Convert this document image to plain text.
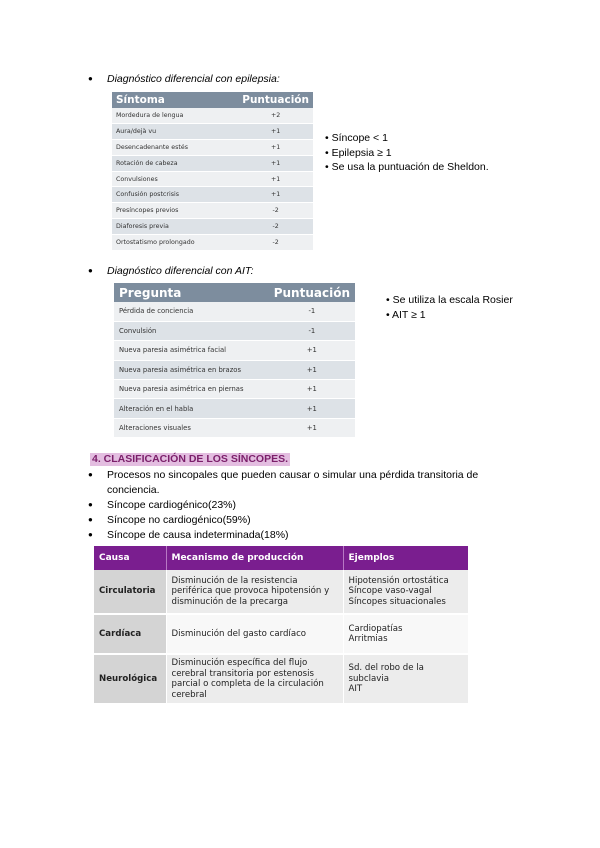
● Diagnóstico diferencial con epilepsia:
Síntoma	Puntuación
Mordedura de lengua	+2
Aura/dejà vu	+1
Desencadenante estés	+1
Rotación de cabeza	+1
Convulsiones	+1
Confusión postcrisis	+1
Presíncopes previos	-2
Diaforesis previa	-2
Ortostatismo prolongado	-2
• Síncope < 1
• Epilepsia ≥ 1
• Se usa la puntuación de Sheldon.
● Diagnóstico diferencial con AIT:
Pregunta	Puntuación
Pérdida de conciencia	-1
Convulsión	-1
Nueva paresia asimétrica facial	+1
Nueva paresia asimétrica en brazos	+1
Nueva paresia asimétrica en piernas	+1
Alteración en el habla	+1
Alteraciones visuales	+1
• Se utiliza la escala Rosier
• AIT ≥ 1
4. CLASIFICACIÓN DE LOS SÍNCOPES.
● Procesos no sincopales que pueden causar o simular una pérdida transitoria de
conciencia.
● Síncope cardiogénico(23%)
● Síncope no cardiogénico(59%)
● Síncope de causa indeterminada(18%)
Causa	Mecanismo de producción	Ejemplos
Circulatoria	Disminución de la resistencia
periférica que provoca hipotensión y
disminución de la precarga	Hipotensión ortostática
Síncope vaso-vagal
Síncopes situacionales

Cardíaca	Disminución del gasto cardíaco	Cardiopatías
Arritmias

Neurológica	Disminución específica del flujo
cerebral transitoria por estenosis
parcial o completa de la circulación
cerebral	Sd. del robo de la
subclavia
AIT
